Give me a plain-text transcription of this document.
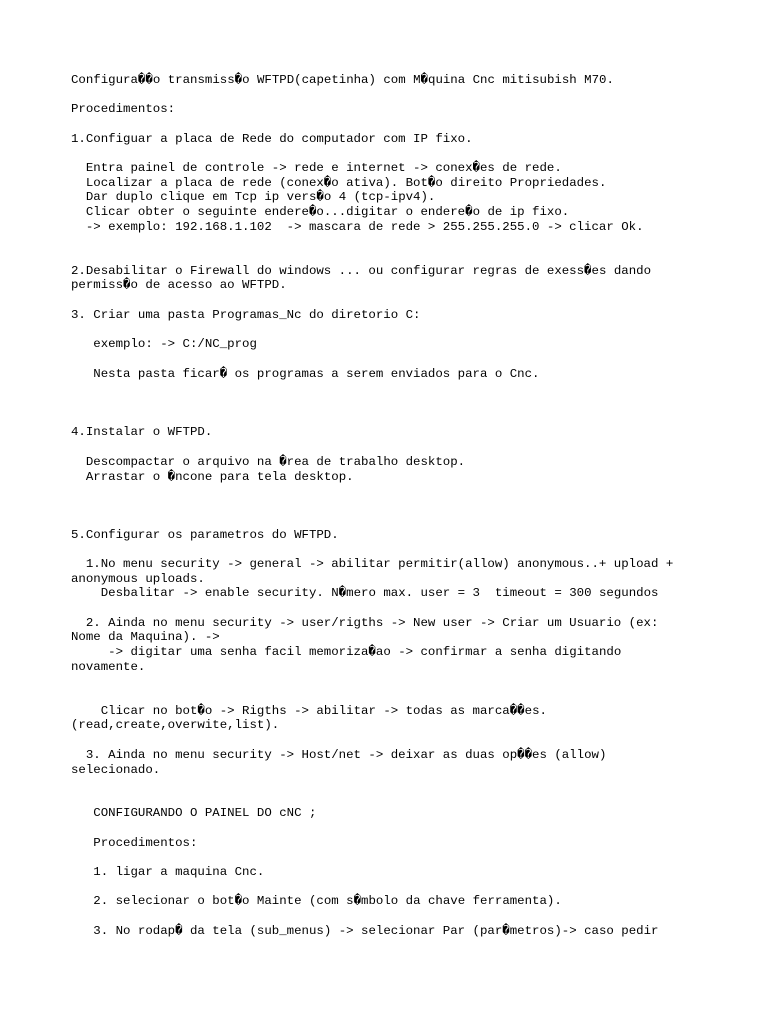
Configura��o transmiss�o WFTPD(capetinha) com M�quina Cnc mitisubish M70.

Procedimentos:

1.Configuar a placa de Rede do computador com IP fixo.

Entra painel de controle -> rede e internet -> conex�es de rede.

Localizar a placa de rede (conex�o ativa). Bot�o direito Propriedades.

Dar duplo clique em Tcp ip vers�o 4 (tcp-ipv4).

Clicar obter o seguinte endere�o...digitar o endere�o de ip fixo.

-> exemplo: 192.168.1.102  -> mascara de rede > 255.255.255.0 -> clicar Ok.

2.Desabilitar o Firewall do windows ... ou configurar regras de exess�es dando

permiss�o de acesso ao WFTPD.

3. Criar uma pasta Programas_Nc do diretorio C:

exemplo: -> C:/NC_prog

Nesta pasta ficar� os programas a serem enviados para o Cnc.

4.Instalar o WFTPD.

Descompactar o arquivo na �rea de trabalho desktop.

Arrastar o �ncone para tela desktop.

5.Configurar os parametros do WFTPD.

1.No menu security -> general -> abilitar permitir(allow) anonymous..+ upload +

anonymous uploads.

Desbalitar -> enable security. N�mero max. user = 3  timeout = 300 segundos

2. Ainda no menu security -> user/rigths -> New user -> Criar um Usuario (ex:

Nome da Maquina). ->

-> digitar uma senha facil memoriza�ao -> confirmar a senha digitando

novamente.

Clicar no bot�o -> Rigths -> abilitar -> todas as marca��es.

(read,create,overwite,list).

3. Ainda no menu security -> Host/net -> deixar as duas op��es (allow)

selecionado.

CONFIGURANDO O PAINEL DO cNC ;

Procedimentos:

1. ligar a maquina Cnc.

2. selecionar o bot�o Mainte (com s�mbolo da chave ferramenta).

3. No rodap� da tela (sub_menus) -> selecionar Par (par�metros)-> caso pedir
